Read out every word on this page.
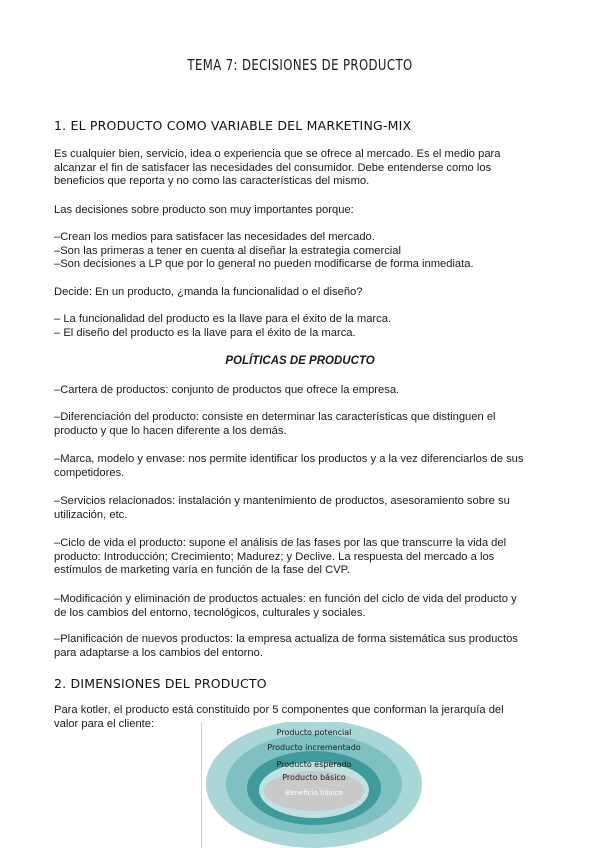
TEMA 7: DECISIONES DE PRODUCTO
1. EL PRODUCTO COMO VARIABLE DEL MARKETING-MIX
Es cualquier bien, servicio, idea o experiencia que se ofrece al mercado. Es el medio para
alcanzar el fin de satisfacer las necesidades del consumidor. Debe entenderse como los
beneficios que reporta y no como las características del mismo.
Las decisiones sobre producto son muy importantes porque:
–Crean los medios para satisfacer las necesidades del mercado.
–Son las primeras a tener en cuenta al diseñar la estrategia comercial
–Son decisiones a LP que por lo general no pueden modificarse de forma inmediata.
Decide: En un producto, ¿manda la funcionalidad o el diseño?
– La funcionalidad del producto es la llave para el éxito de la marca.
– El diseño del producto es la llave para el éxito de la marca.
POLÍTICAS DE PRODUCTO
–Cartera de productos: conjunto de productos que ofrece la empresa.
–Diferenciación del producto: consiste en determinar las características que distinguen el
producto y que lo hacen diferente a los demás.
–Marca, modelo y envase: nos permite identificar los productos y a la vez diferenciarlos de sus
competidores.
–Servicios relacionados: instalación y mantenimiento de productos, asesoramiento sobre su
utilización, etc.
–Ciclo de vida el producto: supone el análisis de las fases por las que transcurre la vida del
producto: Introducción; Crecimiento; Madurez; y Declive. La respuesta del mercado a los
estímulos de marketing varía en función de la fase del CVP.
–Modificación y eliminación de productos actuales: en función del ciclo de vida del producto y
de los cambios del entorno, tecnológicos, culturales y sociales.
–Planificación de nuevos productos: la empresa actualiza de forma sistemática sus productos
para adaptarse a los cambios del entorno.
2. DIMENSIONES DEL PRODUCTO
Para kotler, el producto está constituido por 5 componentes que conforman la jerarquía del
valor para el cliente:
Producto potencial
Producto incrementado
Producto esperado
Producto básico
Beneficio básico
